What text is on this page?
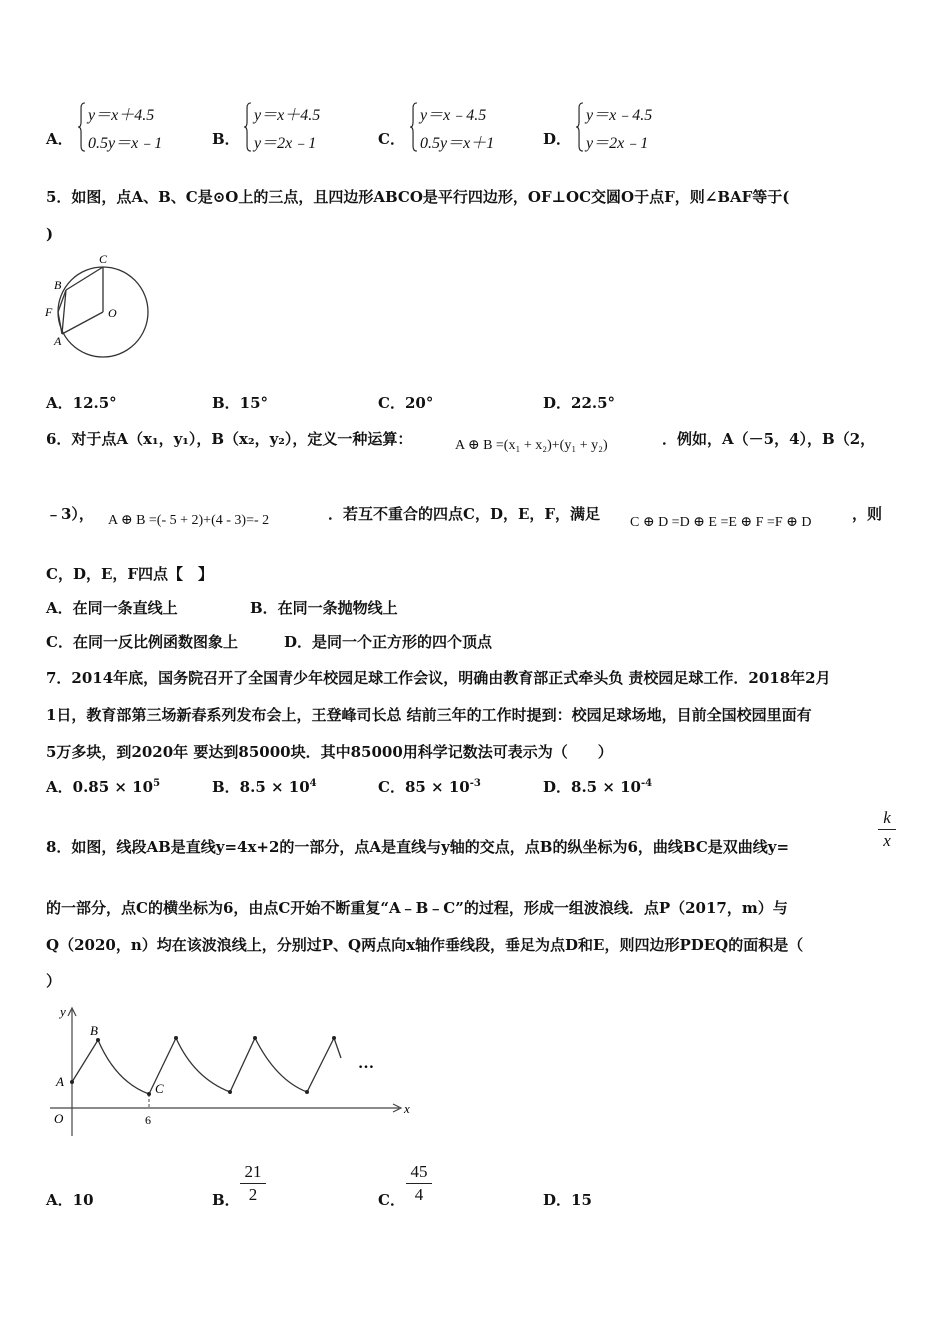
A．
y＝x＋4.5
0.5y＝x﹣1	B．
y＝x＋4.5
y＝2x﹣1	C．
y＝x﹣4.5
0.5y＝x＋1	D．
y＝x﹣4.5
y＝2x﹣1
5．如图，点A、B、C是⊙O上的三点，且四边形ABCO是平行四边形，OF⊥OC交圆O于点F，则∠BAF等于(
)
C
B
F	O
A
A．12.5°	B．15°	C．20°	D．22.5°
6．对于点A（x₁，y₁），B（x₂，y₂），定义一种运算：	A ⊕ B =(x₁ + x₂)+(y₁ + y₂)	．例如，A（－5，4），B（2，
﹣3）， A ⊕ B =(- 5 + 2)+(4 - 3)=- 2	．若互不重合的四点C，D，E，F，满足 C ⊕ D =D ⊕ E =E ⊕ F =F ⊕ D	，则
C，D，E，F四点【　】
A．在同一条直线上	B．在同一条抛物线上
C．在同一反比例函数图象上	D．是同一个正方形的四个顶点
7．2014年底，国务院召开了全国青少年校园足球工作会议，明确由教育部正式牵头负 责校园足球工作．2018年2月
1日，教育部第三场新春系列发布会上，王登峰司长总 结前三年的工作时提到：校园足球场地，目前全国校园里面有
5万多块，到2020年 要达到85000块．其中85000用科学记数法可表示为（　　）
A．$0.85 \times 10^5$	B．$8.5 \times 10^4$	C．$85 \times 10^{-3}$	D．$8.5 \times 10^{-4}$
8．如图，线段AB是直线y=4x+2的一部分，点A是直线与y轴的交点，点B的纵坐标为6，曲线BC是双曲线y=
k
x
的一部分，点C的横坐标为6，由点C开始不断重复“A﹣B﹣C”的过程，形成一组波浪线．点P（2017，m）与
Q（2020，n）均在该波浪线上，分别过P、Q两点向x轴作垂线段，垂足为点D和E，则四边形PDEQ的面积是（
）
y
x
O
A
B
C
6
…
A．10	B．
21
2	C．
45
4	D．15
